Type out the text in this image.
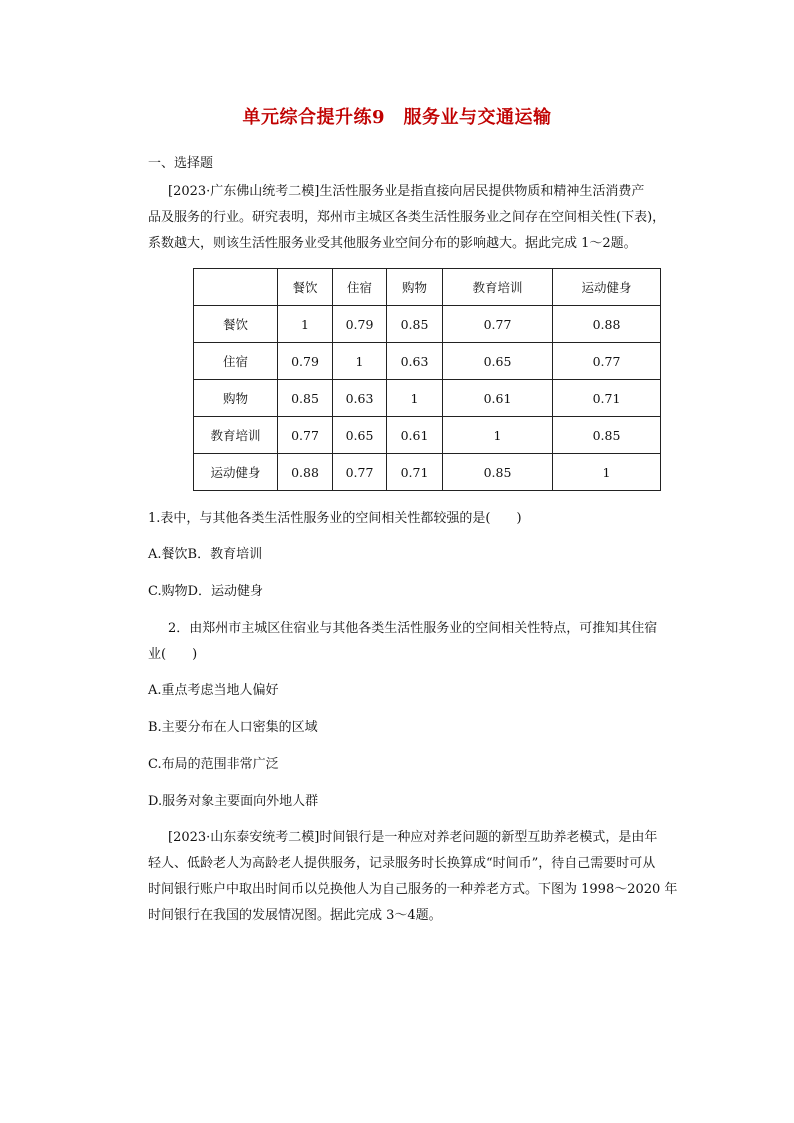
单元综合提升练9　服务业与交通运输
一、选择题
[2023·广东佛山统考二模]生活性服务业是指直接向居民提供物质和精神生活消费产
品及服务的行业。研究表明，郑州市主城区各类生活性服务业之间存在空间相关性(下表)，
系数越大，则该生活性服务业受其他服务业空间分布的影响越大。据此完成 1～2题。
	餐饮	住宿	购物	教育培训	运动健身
餐饮	1	0.79	0.85	0.77	0.88
住宿	0.79	1	0.63	0.65	0.77
购物	0.85	0.63	1	0.61	0.71
教育培训	0.77	0.65	0.61	1	0.85
运动健身	0.88	0.77	0.71	0.85	1
1.表中，与其他各类生活性服务业的空间相关性都较强的是(　　)
A.餐饮B．教育培训
C.购物D．运动健身
2．由郑州市主城区住宿业与其他各类生活性服务业的空间相关性特点，可推知其住宿
业(　　)
A.重点考虑当地人偏好
B.主要分布在人口密集的区域
C.布局的范围非常广泛
D.服务对象主要面向外地人群
[2023·山东泰安统考二模]时间银行是一种应对养老问题的新型互助养老模式，是由年
轻人、低龄老人为高龄老人提供服务，记录服务时长换算成“时间币”，待自己需要时可从
时间银行账户中取出时间币以兑换他人为自己服务的一种养老方式。下图为 1998～2020 年
时间银行在我国的发展情况图。据此完成 3～4题。
